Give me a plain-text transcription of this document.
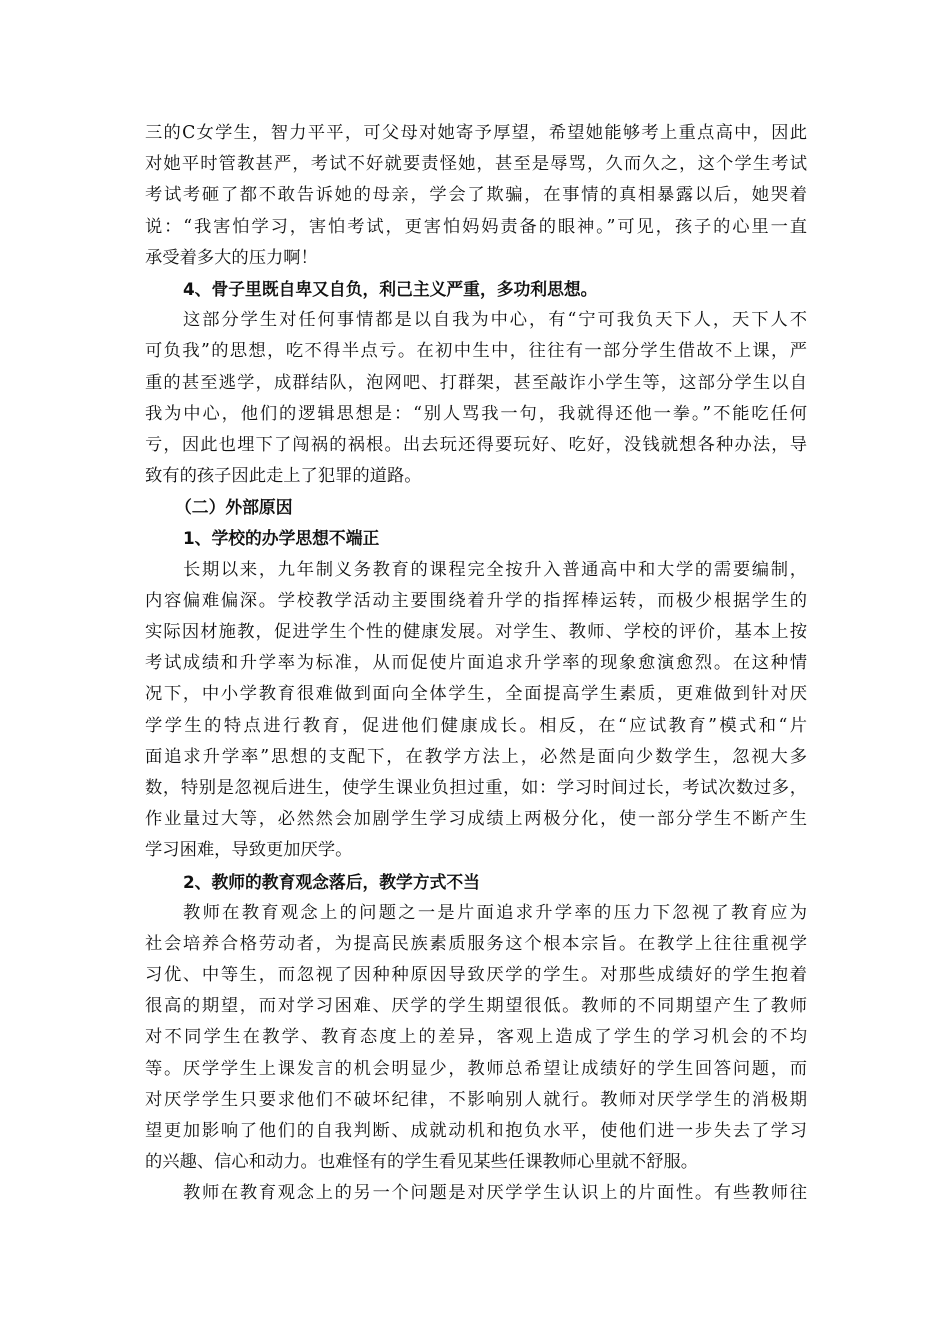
三的C女学生，智力平平，可父母对她寄予厚望，希望她能够考上重点高中，因此
对她平时管教甚严，考试不好就要责怪她，甚至是辱骂，久而久之，这个学生考试
考试考砸了都不敢告诉她的母亲，学会了欺骗，在事情的真相暴露以后，她哭着
说：“我害怕学习，害怕考试，更害怕妈妈责备的眼神。”可见，孩子的心里一直
承受着多大的压力啊！
4、骨子里既自卑又自负，利己主义严重，多功利思想。
这部分学生对任何事情都是以自我为中心，有“宁可我负天下人，天下人不
可负我”的思想，吃不得半点亏。在初中生中，往往有一部分学生借故不上课，严
重的甚至逃学，成群结队，泡网吧、打群架，甚至敲诈小学生等，这部分学生以自
我为中心，他们的逻辑思想是：“别人骂我一句，我就得还他一拳。”不能吃任何
亏，因此也埋下了闯祸的祸根。出去玩还得要玩好、吃好，没钱就想各种办法，导
致有的孩子因此走上了犯罪的道路。
（二）外部原因
1、学校的办学思想不端正
长期以来，九年制义务教育的课程完全按升入普通高中和大学的需要编制，
内容偏难偏深。学校教学活动主要围绕着升学的指挥棒运转，而极少根据学生的
实际因材施教，促进学生个性的健康发展。对学生、教师、学校的评价，基本上按
考试成绩和升学率为标准，从而促使片面追求升学率的现象愈演愈烈。在这种情
况下，中小学教育很难做到面向全体学生，全面提高学生素质，更难做到针对厌
学学生的特点进行教育，促进他们健康成长。相反，在“应试教育”模式和“片
面追求升学率”思想的支配下，在教学方法上，必然是面向少数学生，忽视大多
数，特别是忽视后进生，使学生课业负担过重，如：学习时间过长，考试次数过多，
作业量过大等，必然然会加剧学生学习成绩上两极分化，使一部分学生不断产生
学习困难，导致更加厌学。
2、教师的教育观念落后，教学方式不当
教师在教育观念上的问题之一是片面追求升学率的压力下忽视了教育应为
社会培养合格劳动者，为提高民族素质服务这个根本宗旨。在教学上往往重视学
习优、中等生，而忽视了因种种原因导致厌学的学生。对那些成绩好的学生抱着
很高的期望，而对学习困难、厌学的学生期望很低。教师的不同期望产生了教师
对不同学生在教学、教育态度上的差异，客观上造成了学生的学习机会的不均
等。厌学学生上课发言的机会明显少，教师总希望让成绩好的学生回答问题，而
对厌学学生只要求他们不破坏纪律，不影响别人就行。教师对厌学学生的消极期
望更加影响了他们的自我判断、成就动机和抱负水平，使他们进一步失去了学习
的兴趣、信心和动力。也难怪有的学生看见某些任课教师心里就不舒服。
教师在教育观念上的另一个问题是对厌学学生认识上的片面性。有些教师往
